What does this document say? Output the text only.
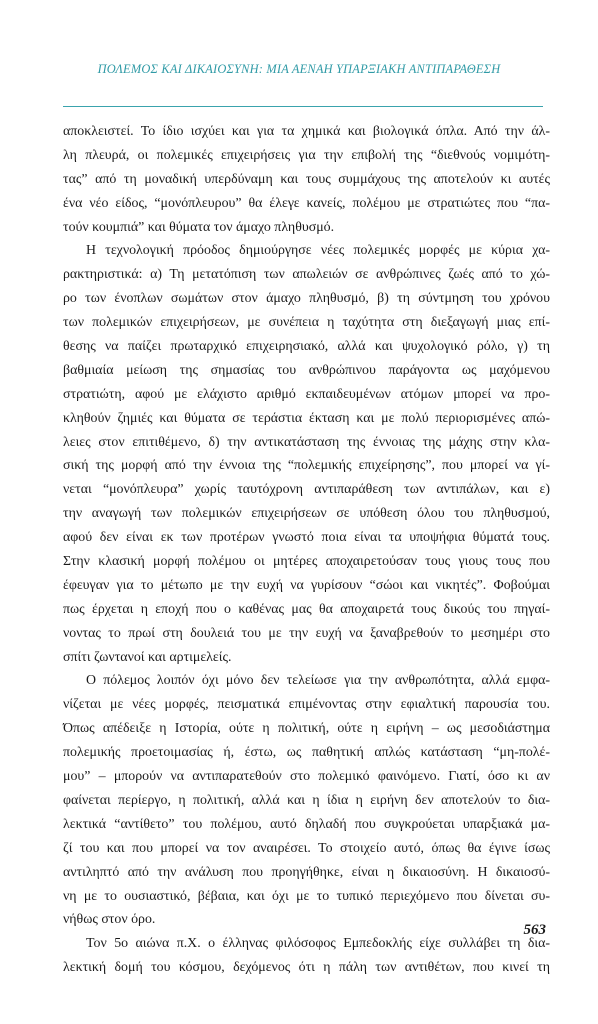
ΠΟΛΕΜΟΣ ΚΑΙ ΔΙΚΑΙΟΣΥΝΗ: ΜΙΑ ΑΕΝΑΗ ΥΠΑΡΞΙΑΚΗ ΑΝΤΙΠΑΡΑΘΕΣΗ
αποκλειστεί. Το ίδιο ισχύει και για τα χημικά και βιολογικά όπλα. Από την άλ-
λη πλευρά, οι πολεμικές επιχειρήσεις για την επιβολή της “διεθνούς νομιμότη-
τας” από τη μοναδική υπερδύναμη και τους συμμάχους της αποτελούν κι αυτές
ένα νέο είδος, “μονόπλευρου” θα έλεγε κανείς, πολέμου με στρατιώτες που “πα-
τούν κουμπιά” και θύματα τον άμαχο πληθυσμό.
Η τεχνολογική πρόοδος δημιούργησε νέες πολεμικές μορφές με κύρια χα-
ρακτηριστικά: α) Τη μετατόπιση των απωλειών σε ανθρώπινες ζωές από το χώ-
ρο των ένοπλων σωμάτων στον άμαχο πληθυσμό, β) τη σύντμηση του χρόνου
των πολεμικών επιχειρήσεων, με συνέπεια η ταχύτητα στη διεξαγωγή μιας επί-
θεσης να παίζει πρωταρχικό επιχειρησιακό, αλλά και ψυχολογικό ρόλο, γ) τη
βαθμιαία μείωση της σημασίας του ανθρώπινου παράγοντα ως μαχόμενου
στρατιώτη, αφού με ελάχιστο αριθμό εκπαιδευμένων ατόμων μπορεί να προ-
κληθούν ζημιές και θύματα σε τεράστια έκταση και με πολύ περιορισμένες απώ-
λειες στον επιτιθέμενο, δ) την αντικατάσταση της έννοιας της μάχης στην κλα-
σική της μορφή από την έννοια της “πολεμικής επιχείρησης”, που μπορεί να γί-
νεται “μονόπλευρα” χωρίς ταυτόχρονη αντιπαράθεση των αντιπάλων, και ε)
την αναγωγή των πολεμικών επιχειρήσεων σε υπόθεση όλου του πληθυσμού,
αφού δεν είναι εκ των προτέρων γνωστό ποια είναι τα υποψήφια θύματά τους.
Στην κλασική μορφή πολέμου οι μητέρες αποχαιρετούσαν τους γιους τους που
έφευγαν για το μέτωπο με την ευχή να γυρίσουν “σώοι και νικητές”. Φοβούμαι
πως έρχεται η εποχή που ο καθένας μας θα αποχαιρετά τους δικούς του πηγαί-
νοντας το πρωί στη δουλειά του με την ευχή να ξαναβρεθούν το μεσημέρι στο
σπίτι ζωντανοί και αρτιμελείς.
Ο πόλεμος λοιπόν όχι μόνο δεν τελείωσε για την ανθρωπότητα, αλλά εμφα-
νίζεται με νέες μορφές, πεισματικά επιμένοντας στην εφιαλτική παρουσία του.
Όπως απέδειξε η Ιστορία, ούτε η πολιτική, ούτε η ειρήνη – ως μεσοδιάστημα
πολεμικής προετοιμασίας ή, έστω, ως παθητική απλώς κατάσταση “μη-πολέ-
μου” – μπορούν να αντιπαρατεθούν στο πολεμικό φαινόμενο. Γιατί, όσο κι αν
φαίνεται περίεργο, η πολιτική, αλλά και η ίδια η ειρήνη δεν αποτελούν το δια-
λεκτικά “αντίθετο” του πολέμου, αυτό δηλαδή που συγκρούεται υπαρξιακά μα-
ζί του και που μπορεί να τον αναιρέσει. Το στοιχείο αυτό, όπως θα έγινε ίσως
αντιληπτό από την ανάλυση που προηγήθηκε, είναι η δικαιοσύνη. Η δικαιοσύ-
νη με το ουσιαστικό, βέβαια, και όχι με το τυπικό περιεχόμενο που δίνεται συ-
νήθως στον όρο.
Τον 5ο αιώνα π.Χ. ο έλληνας φιλόσοφος Εμπεδοκλής είχε συλλάβει τη δια-
λεκτική δομή του κόσμου, δεχόμενος ότι η πάλη των αντιθέτων, που κινεί τη
563
